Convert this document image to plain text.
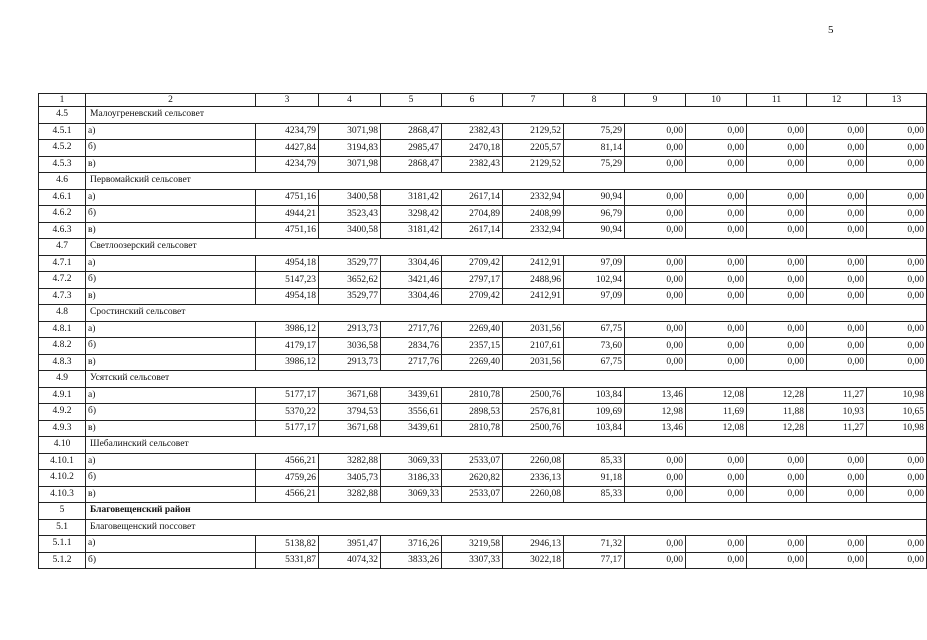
5
1	2	3	4	5	6	7	8	9	10	11	12	13
4.5	Малоугреневский сельсовет											
4.5.1	а)	4234,79	3071,98	2868,47	2382,43	2129,52	75,29	0,00	0,00	0,00	0,00	0,00
4.5.2	б)	4427,84	3194,83	2985,47	2470,18	2205,57	81,14	0,00	0,00	0,00	0,00	0,00
4.5.3	в)	4234,79	3071,98	2868,47	2382,43	2129,52	75,29	0,00	0,00	0,00	0,00	0,00
4.6	Первомайский сельсовет											
4.6.1	а)	4751,16	3400,58	3181,42	2617,14	2332,94	90,94	0,00	0,00	0,00	0,00	0,00
4.6.2	б)	4944,21	3523,43	3298,42	2704,89	2408,99	96,79	0,00	0,00	0,00	0,00	0,00
4.6.3	в)	4751,16	3400,58	3181,42	2617,14	2332,94	90,94	0,00	0,00	0,00	0,00	0,00
4.7	Светлоозерский сельсовет											
4.7.1	а)	4954,18	3529,77	3304,46	2709,42	2412,91	97,09	0,00	0,00	0,00	0,00	0,00
4.7.2	б)	5147,23	3652,62	3421,46	2797,17	2488,96	102,94	0,00	0,00	0,00	0,00	0,00
4.7.3	в)	4954,18	3529,77	3304,46	2709,42	2412,91	97,09	0,00	0,00	0,00	0,00	0,00
4.8	Сростинский сельсовет											
4.8.1	а)	3986,12	2913,73	2717,76	2269,40	2031,56	67,75	0,00	0,00	0,00	0,00	0,00
4.8.2	б)	4179,17	3036,58	2834,76	2357,15	2107,61	73,60	0,00	0,00	0,00	0,00	0,00
4.8.3	в)	3986,12	2913,73	2717,76	2269,40	2031,56	67,75	0,00	0,00	0,00	0,00	0,00
4.9	Усятский сельсовет											
4.9.1	а)	5177,17	3671,68	3439,61	2810,78	2500,76	103,84	13,46	12,08	12,28	11,27	10,98
4.9.2	б)	5370,22	3794,53	3556,61	2898,53	2576,81	109,69	12,98	11,69	11,88	10,93	10,65
4.9.3	в)	5177,17	3671,68	3439,61	2810,78	2500,76	103,84	13,46	12,08	12,28	11,27	10,98
4.10	Шебалинский сельсовет											
4.10.1	а)	4566,21	3282,88	3069,33	2533,07	2260,08	85,33	0,00	0,00	0,00	0,00	0,00
4.10.2	б)	4759,26	3405,73	3186,33	2620,82	2336,13	91,18	0,00	0,00	0,00	0,00	0,00
4.10.3	в)	4566,21	3282,88	3069,33	2533,07	2260,08	85,33	0,00	0,00	0,00	0,00	0,00
5	Благовещенский район											
5.1	Благовещенский поссовет											
5.1.1	а)	5138,82	3951,47	3716,26	3219,58	2946,13	71,32	0,00	0,00	0,00	0,00	0,00
5.1.2	б)	5331,87	4074,32	3833,26	3307,33	3022,18	77,17	0,00	0,00	0,00	0,00	0,00
